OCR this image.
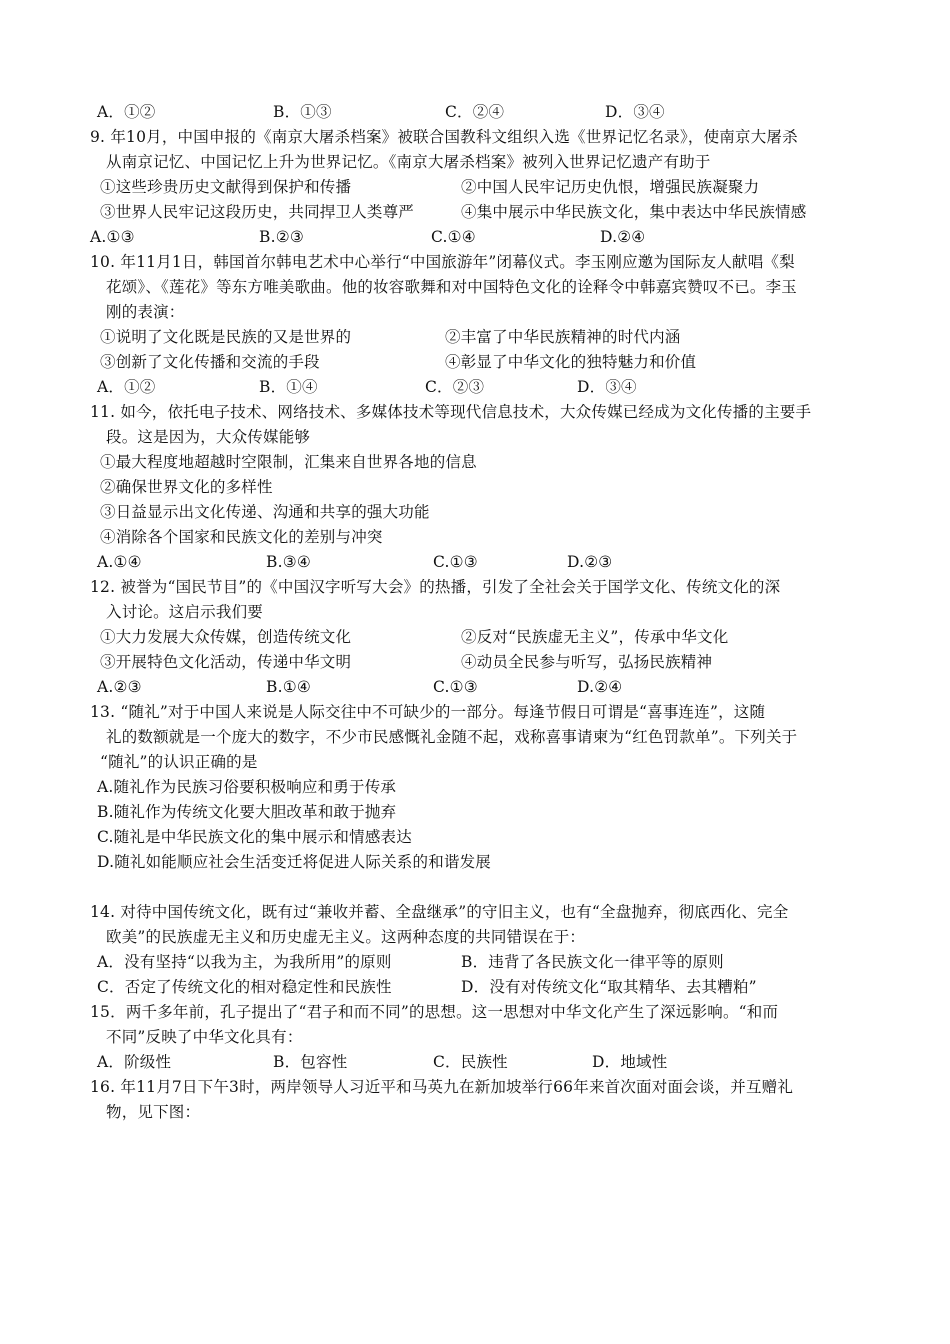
A．①②	B．①③	C．②④	D．③④
9. 年10月，中国申报的《南京大屠杀档案》被联合国教科文组织入选《世界记忆名录》，使南京大屠杀
从南京记忆、中国记忆上升为世界记忆。《南京大屠杀档案》被列入世界记忆遗产有助于
①这些珍贵历史文献得到保护和传播	②中国人民牢记历史仇恨，增强民族凝聚力
③世界人民牢记这段历史，共同捍卫人类尊严	④集中展示中华民族文化，集中表达中华民族情感
A.①③	B.②③	C.①④	D.②④
10. 年11月1日，韩国首尔韩电艺术中心举行“中国旅游年”闭幕仪式。李玉刚应邀为国际友人献唱《梨
花颂》、《莲花》等东方唯美歌曲。他的妆容歌舞和对中国特色文化的诠释令中韩嘉宾赞叹不已。李玉
刚的表演：
①说明了文化既是民族的又是世界的	②丰富了中华民族精神的时代内涵
③创新了文化传播和交流的手段	④彰显了中华文化的独特魅力和价值
A．①②	B．①④	C．②③	D．③④
11. 如今，依托电子技术、网络技术、多媒体技术等现代信息技术，大众传媒已经成为文化传播的主要手
段。这是因为，大众传媒能够
①最大程度地超越时空限制，汇集来自世界各地的信息
②确保世界文化的多样性
③日益显示出文化传递、沟通和共享的强大功能
④消除各个国家和民族文化的差别与冲突
A.①④	B.③④	C.①③	D.②③
12. 被誉为“国民节目”的《中国汉字听写大会》的热播，引发了全社会关于国学文化、传统文化的深
入讨论。这启示我们要
①大力发展大众传媒，创造传统文化	②反对“民族虚无主义”，传承中华文化
③开展特色文化活动，传递中华文明	④动员全民参与听写，弘扬民族精神
A.②③	B.①④	C.①③	D.②④
13. “随礼”对于中国人来说是人际交往中不可缺少的一部分。每逢节假日可谓是“喜事连连”，这随
礼的数额就是一个庞大的数字，不少市民感慨礼金随不起，戏称喜事请柬为“红色罚款单”。下列关于
“随礼”的认识正确的是
A.随礼作为民族习俗要积极响应和勇于传承
B.随礼作为传统文化要大胆改革和敢于抛弃
C.随礼是中华民族文化的集中展示和情感表达
D.随礼如能顺应社会生活变迁将促进人际关系的和谐发展
14. 对待中国传统文化，既有过“兼收并蓄、全盘继承”的守旧主义，也有“全盘抛弃，彻底西化、完全
欧美”的民族虚无主义和历史虚无主义。这两种态度的共同错误在于：
A．没有坚持“以我为主，为我所用”的原则	B．违背了各民族文化一律平等的原则
C．否定了传统文化的相对稳定性和民族性	D．没有对传统文化“取其精华、去其糟粕”
15．两千多年前，孔子提出了“君子和而不同”的思想。这一思想对中华文化产生了深远影响。“和而
不同”反映了中华文化具有：
A．阶级性	B．包容性	C．民族性	D．地域性
16. 年11月7日下午3时，两岸领导人习近平和马英九在新加坡举行66年来首次面对面会谈，并互赠礼
物，见下图：
